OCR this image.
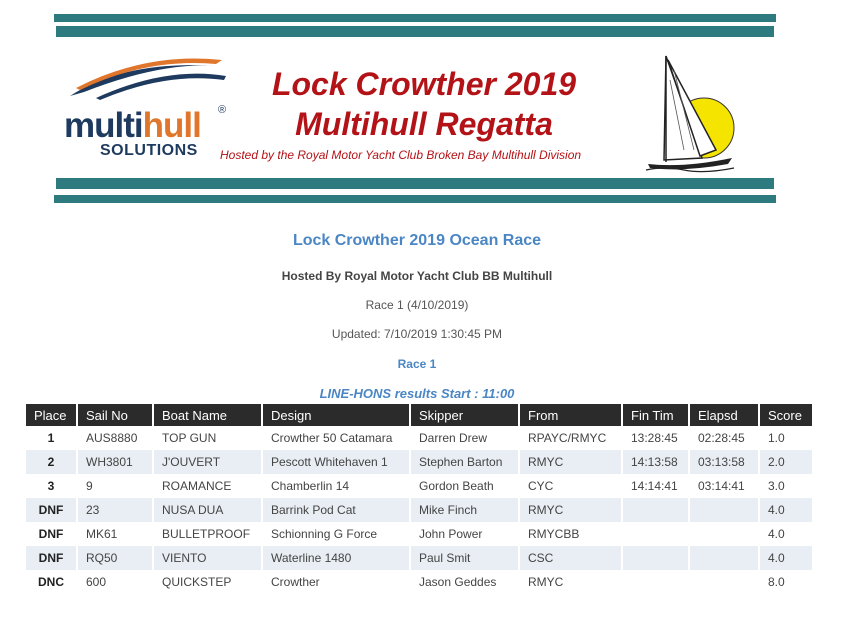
multihull ®
SOLUTIONS
Lock Crowther 2019
Multihull Regatta
Hosted by the Royal Motor Yacht Club Broken Bay Multihull Division
Lock Crowther 2019 Ocean Race
Hosted By Royal Motor Yacht Club BB Multihull
Race 1 (4/10/2019)
Updated: 7/10/2019 1:30:45 PM
Race 1
LINE-HONS results Start : 11:00
Place	Sail No	Boat Name	Design	Skipper	From	Fin Tim	Elapsd	Score
1	AUS8880	TOP GUN	Crowther 50 Catamara	Darren Drew	RPAYC/RMYC	13:28:45	02:28:45	1.0
2	WH3801	J'OUVERT	Pescott Whitehaven 1	Stephen Barton	RMYC	14:13:58	03:13:58	2.0
3	9	ROAMANCE	Chamberlin 14	Gordon Beath	CYC	14:14:41	03:14:41	3.0
DNF	23	NUSA DUA	Barrink Pod Cat	Mike Finch	RMYC			4.0
DNF	MK61	BULLETPROOF	Schionning G Force	John Power	RMYCBB			4.0
DNF	RQ50	VIENTO	Waterline 1480	Paul Smit	CSC			4.0
DNC	600	QUICKSTEP	Crowther	Jason Geddes	RMYC			8.0
